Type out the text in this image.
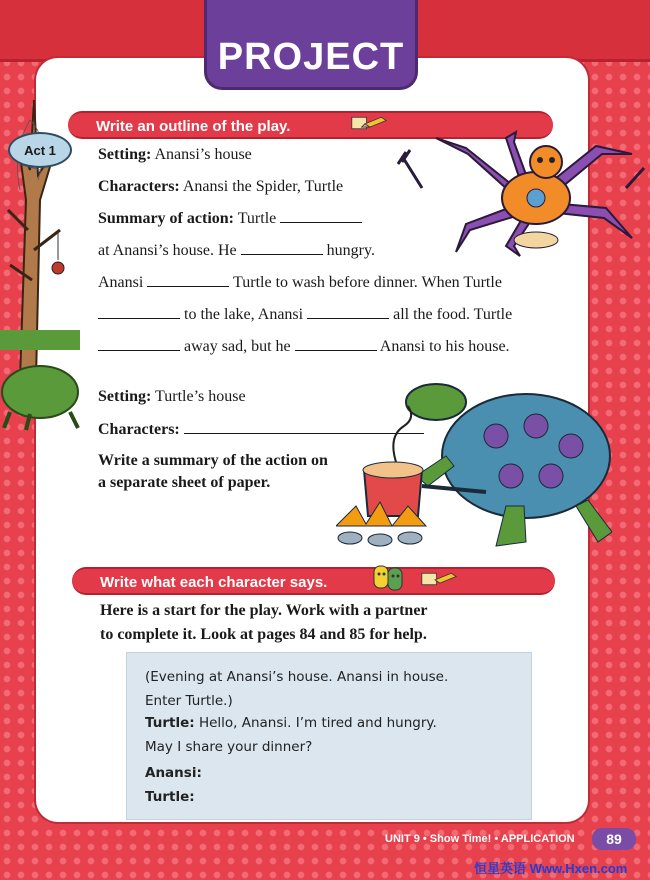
PROJECT
Act 1
Write an outline of the play.
Setting: Anansi’s house
Characters: Anansi the Spider, Turtle
Summary of action: Turtle
at Anansi’s house. He	hungry.
Anansi	Turtle to wash before dinner. When Turtle
to the lake, Anansi	all the food. Turtle
away sad, but he	Anansi to his house.
Setting: Turtle’s house
Characters:
Write a summary of the action on
a separate sheet of paper.
Write what each character says.
Here is a start for the play. Work with a partner
to complete it. Look at pages 84 and 85 for help.
(Evening at Anansi’s house. Anansi in house.
Enter Turtle.)
Turtle: Hello, Anansi. I’m tired and hungry.
May I share your dinner?
Anansi:
Turtle:
UNIT 9 • Show Time! • APPLICATION 89
恒星英语 Www.Hxen.com
